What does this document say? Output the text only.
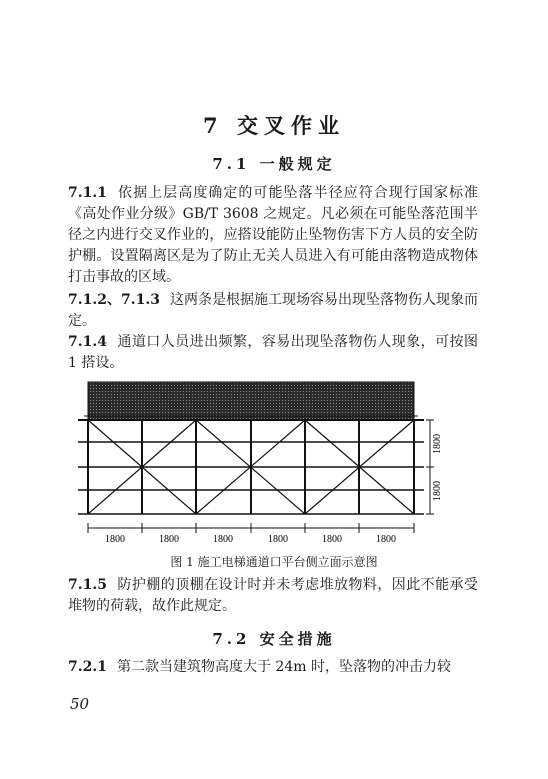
7 交叉作业
7.1 一般规定
7.1.1 依据上层高度确定的可能坠落半径应符合现行国家标准《高处作业分级》GB/T 3608 之规定。凡必须在可能坠落范围半径之内进行交叉作业的，应搭设能防止坠物伤害下方人员的安全防护棚。设置隔离区是为了防止无关人员进入有可能由落物造成物体打击事故的区域。
7.1.2、7.1.3 这两条是根据施工现场容易出现坠落物伤人现象而定。
7.1.4 通道口人员进出频繁，容易出现坠落物伤人现象，可按图 1 搭设。
1800
1800
1800	1800	1800	1800	1800	1800
图 1 施工电梯通道口平台侧立面示意图
7.1.5 防护棚的顶棚在设计时并未考虑堆放物料，因此不能承受堆物的荷载，故作此规定。
7.2 安全措施
7.2.1 第二款当建筑物高度大于 24m 时，坠落物的冲击力较
50
